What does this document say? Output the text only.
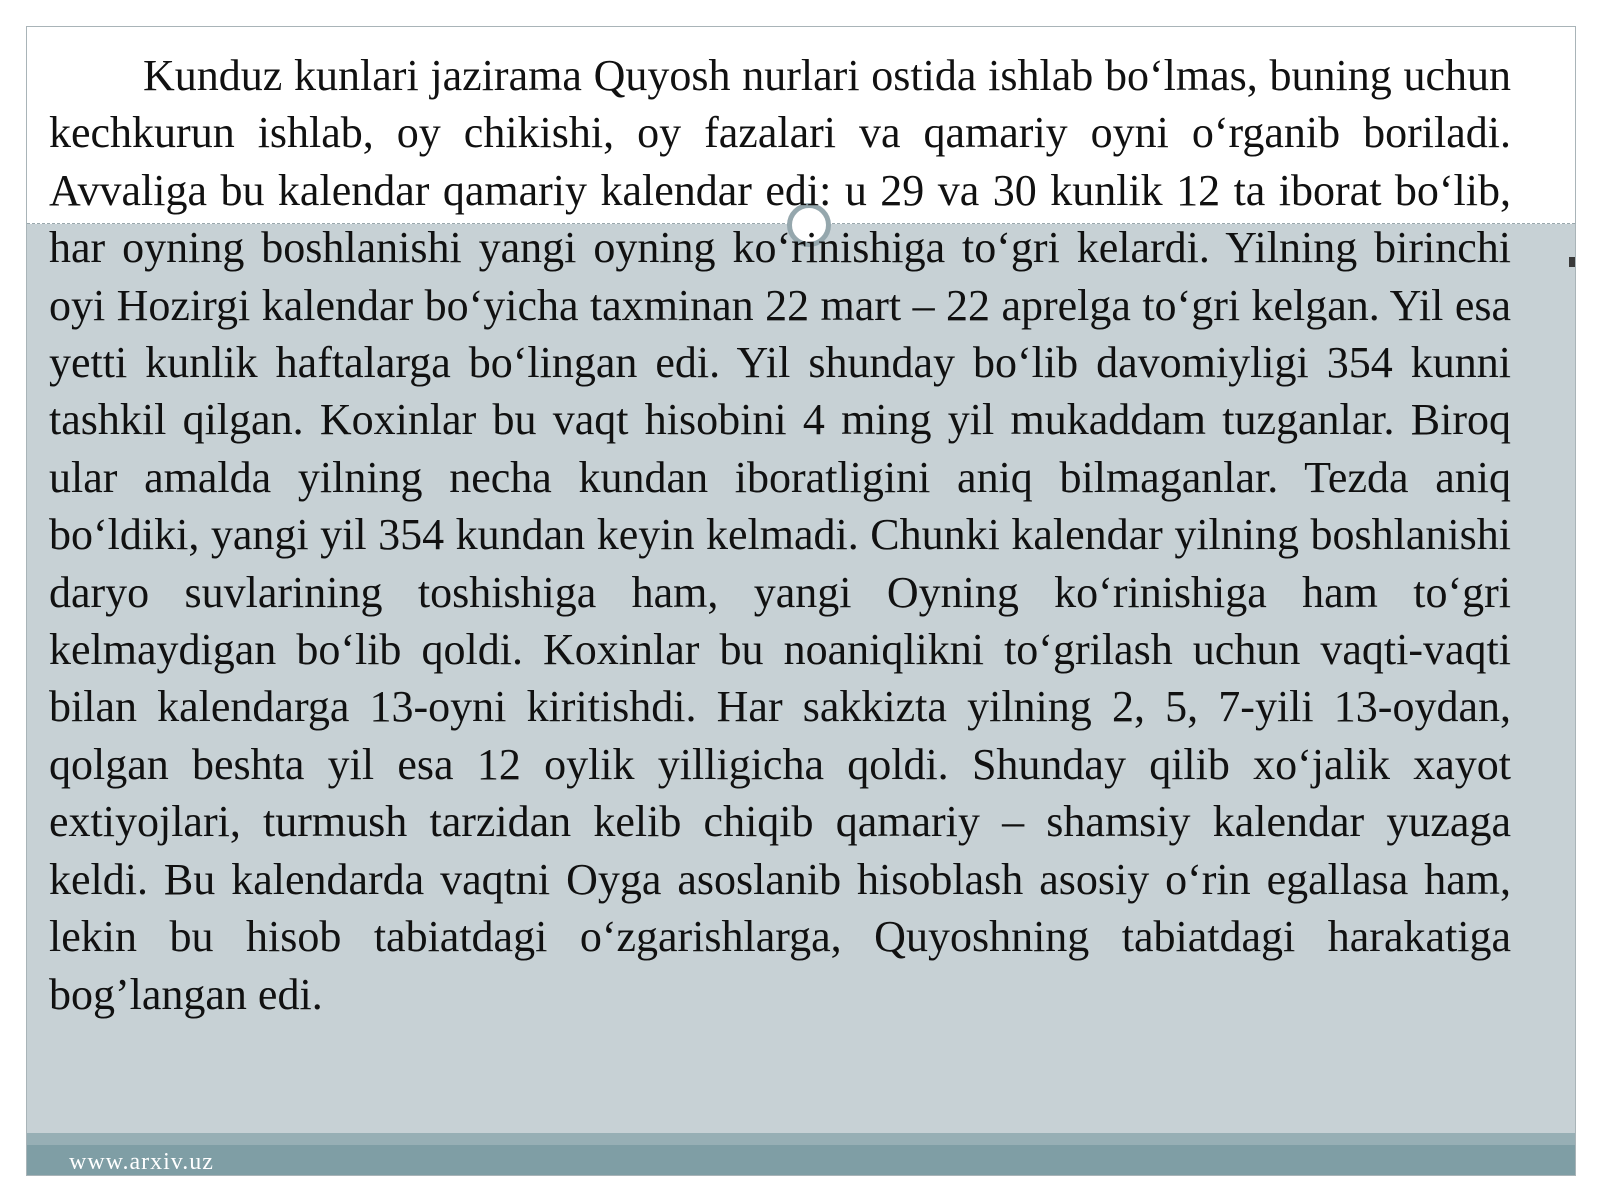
Kunduz kunlari jazirama Quyosh nurlari ostida ishlab bo‘lmas, buning uchun kechkurun ishlab, oy chikishi, oy fazalari va qamariy oyni o‘rganib boriladi. Avvaliga bu kalendar qamariy kalendar edi: u 29 va 30 kunlik 12 ta iborat bo‘lib, har oyning boshlanishi yangi oyning ko‘rinishiga to‘gri kelardi. Yilning birinchi oyi Hozirgi kalendar bo‘yicha taxminan 22 mart – 22 aprelga to‘gri kelgan. Yil esa yetti kunlik haftalarga bo‘lingan edi. Yil shunday bo‘lib davomiyligi 354 kunni tashkil qilgan. Koxinlar bu vaqt hisobini 4 ming yil mukaddam tuzganlar. Biroq ular amalda yilning necha kundan iboratligini aniq bilmaganlar. Tezda aniq bo‘ldiki, yangi yil 354 kundan keyin kelmadi. Chunki kalendar yilning boshlanishi daryo suvlarining toshishiga ham, yangi Oyning ko‘rinishiga ham to‘gri kelmaydigan bo‘lib qoldi. Koxinlar bu noaniqlikni to‘grilash uchun vaqti-vaqti bilan kalendarga 13-oyni kiritishdi. Har sakkizta yilning 2, 5, 7-yili 13-oydan, qolgan beshta yil esa 12 oylik yilligicha qoldi. Shunday qilib xo‘jalik xayot extiyojlari, turmush tarzidan kelib chiqib qamariy – shamsiy kalendar yuzaga keldi. Bu kalendarda vaqtni Oyga asoslanib hisoblash asosiy o‘rin egallasa ham, lekin bu hisob tabiatdagi o‘zgarishlarga, Quyoshning tabiatdagi harakatiga bog’langan edi.

www.arxiv.uz
